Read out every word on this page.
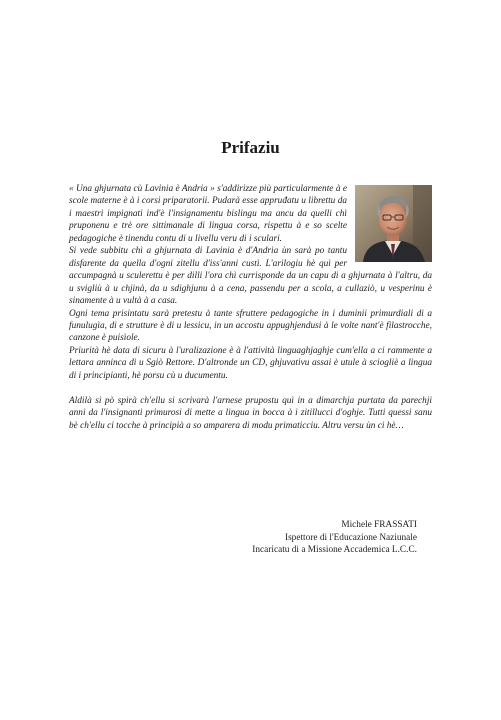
Prifaziu

« Una ghjurnata cù Lavinia è Andria » s'addirizze più particularmente à e scole materne è à i corsi priparatorii. Pudarà esse appruđatu u librettu da i maestri impignati ind'è l'insignamentu bislingu ma ancu da quelli chì pruponenu e trè ore sittimanale di lingua corsa, rispettu à e so scelte pedagogiche è tinendu contu di u livellu veru di i sculari.

Si vede subbitu chì a ghjurnata di Lavinia è d'Andria ùn sarà po tantu disfarente da quella d'ogni zitellu d'iss'anni custì. L'arilogiu hè quì per accumpagnà u sculerettu è per dilli l'ora chì currisponde da un capu di a ghjurnata à l'altru, da u svigliù à u chjinà, da u sdighjunu à a cena, passendu per a scola, a cullaziò, u vesperinu è sinamente à u vultà à a casa.

Ogni tema prisintatu sarà pretestu à tante sfruttere pedagogiche in i duminii primurdiali di a funulugìa, di e strutture è di u lessicu, in un accostu appughjendusi à le volte nant'è filastrocche, canzone è puisìole.

Priurità hè data di sicuru à l'uralizazione è à l'attività linguaghjaghje cum'ella a ci rammente a lettara anninca di u Sgiò Rettore. D'altronde un CD, ghjuvativu assai è utule à sciogliè a lingua di i principianti, hè porsu cù u ducumentu.

Aldilà si pò spirà ch'ellu si scrivarà l'arnese prupostu quì in a dimarchja purtata da parechji anni da l'insignanti primurosi di mette a lingua in bocca à i zitillucci d'oghje. Tutti quessi sanu bè ch'ellu ci tocche à principià a so amparera di modu primaticciu. Altru versu ùn ci hè…

Michele FRASSATI
Ispettore di l'Educazione Naziunale
Incaricatu di a Missione Accademica L.C.C.
